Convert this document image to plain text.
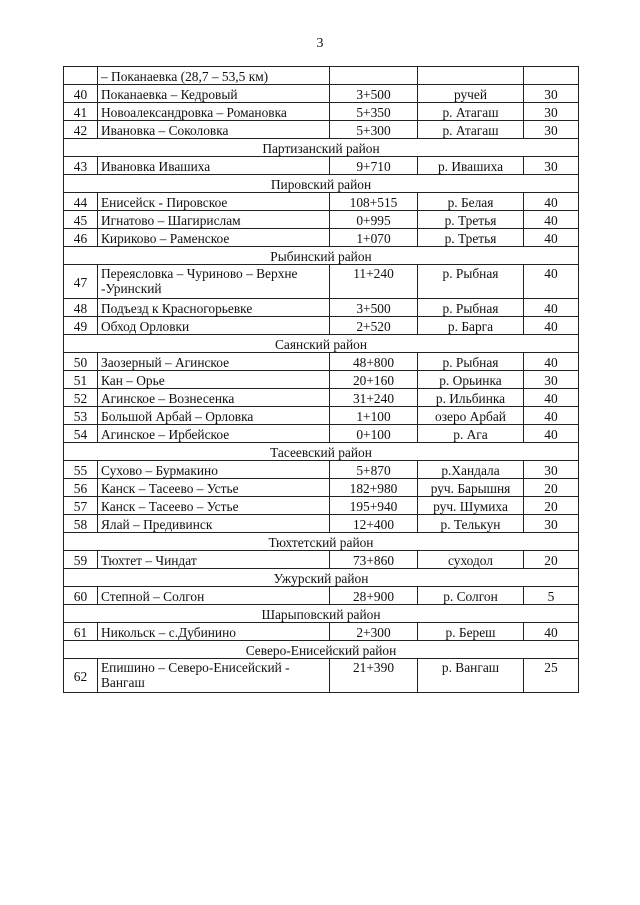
3
	– Поканаевка (28,7 – 53,5 км)			
40	Поканаевка – Кедровый	3+500	ручей	30
41	Новоалександровка – Романовка	5+350	р. Атагаш	30
42	Ивановка – Соколовка	5+300	р. Атагаш	30
Партизанский район				
43	Ивановка Ивашиха	9+710	р. Ивашиха	30
Пировский район				
44	Енисейск - Пировское	108+515	р. Белая	40
45	Игнатово – Шагирислам	0+995	р. Третья	40
46	Кириково – Раменское	1+070	р. Третья	40
Рыбинский район				
47	Переясловка – Чуриново – Верхне -Уринский	11+240	р. Рыбная	40
48	Подъезд к Красногорьевке	3+500	р. Рыбная	40
49	Обход Орловки	2+520	р. Барга	40
Саянский район				
50	Заозерный – Агинское	48+800	р. Рыбная	40
51	Кан – Орье	20+160	р. Орьинка	30
52	Агинское – Вознесенка	31+240	р. Ильбинка	40
53	Большой Арбай – Орловка	1+100	озеро Арбай	40
54	Агинское – Ирбейское	0+100	р. Ага	40
Тасеевский район				
55	Сухово – Бурмакино	5+870	р.Хандала	30
56	Канск – Тасеево – Устье	182+980	руч. Барышня	20
57	Канск – Тасеево – Устье	195+940	руч. Шумиха	20
58	Ялай – Предивинск	12+400	р. Телькун	30
Тюхтетский район				
59	Тюхтет – Чиндат	73+860	суходол	20
Ужурский район				
60	Степной – Солгон	28+900	р. Солгон	5
Шарыповский район				
61	Никольск – с.Дубинино	2+300	р. Береш	40
Северо-Енисейский район				
62	Епишино – Северо-Енисейский - Вангаш	21+390	р. Вангаш	25
